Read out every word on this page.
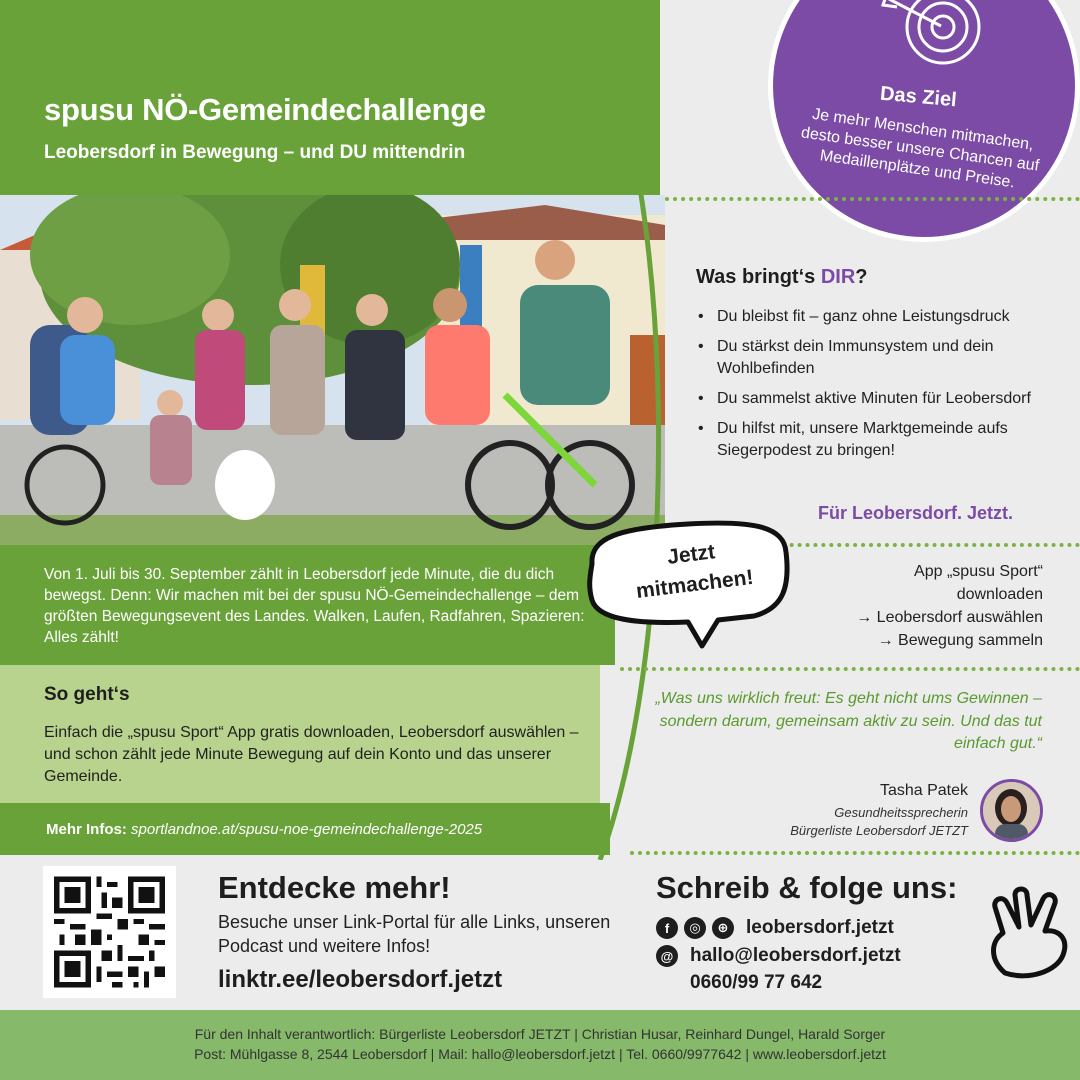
spusu NÖ-Gemeindechallenge
Leobersdorf in Bewegung – und DU mittendrin

Von 1. Juli bis 30. September zählt in Leobersdorf jede Minute, die du dich bewegst. Denn: Wir machen mit bei der spusu NÖ-Gemeindechallenge – dem größten Bewegungsevent des Landes. Walken, Laufen, Radfahren, Spazieren: Alles zählt!

So geht‘s

Einfach die „spusu Sport“ App gratis downloaden, Leobersdorf auswählen – und schon zählt jede Minute Bewegung auf dein Konto und das unserer Gemeinde.

Mehr Infos: sportlandnoe.at/spusu-noe-gemeindechallenge-2025
Das Ziel

Je mehr Menschen mitmachen, desto besser unsere Chancen auf Medaillenplätze und Preise.

Was bringt‘s DIR?
• Du bleibst fit – ganz ohne Leistungsdruck
• Du stärkst dein Immunsystem und dein Wohlbefinden
• Du sammelst aktive Minuten für Leobersdorf
• Du hilfst mit, unsere Marktgemeinde aufs Siegerpodest zu bringen!
Für Leobersdorf. Jetzt.
Jetzt
mitmachen!	App „spusu Sport“
downloaden
→ Leobersdorf auswählen
→ Bewegung sammeln

„Was uns wirklich freut: Es geht nicht ums Gewinnen – sondern darum, gemeinsam aktiv zu sein. Und das tut einfach gut.“

Tasha Patek
Gesundheitssprecherin
Bürgerliste Leobersdorf JETZT
Entdecke mehr!

Besuche unser Link-Portal für alle Links, unseren Podcast und weitere Infos!

linktr.ee/leobersdorf.jetzt
Schreib & folge uns:
f	◎	⊕ leobersdorf.jetzt
@ hallo@leobersdorf.jetzt
0660/99 77 642
Für den Inhalt verantwortlich: Bürgerliste Leobersdorf JETZT | Christian Husar, Reinhard Dungel, Harald Sorger
Post: Mühlgasse 8, 2544 Leobersdorf | Mail: hallo@leobersdorf.jetzt | Tel. 0660/9977642 | www.leobersdorf.jetzt
